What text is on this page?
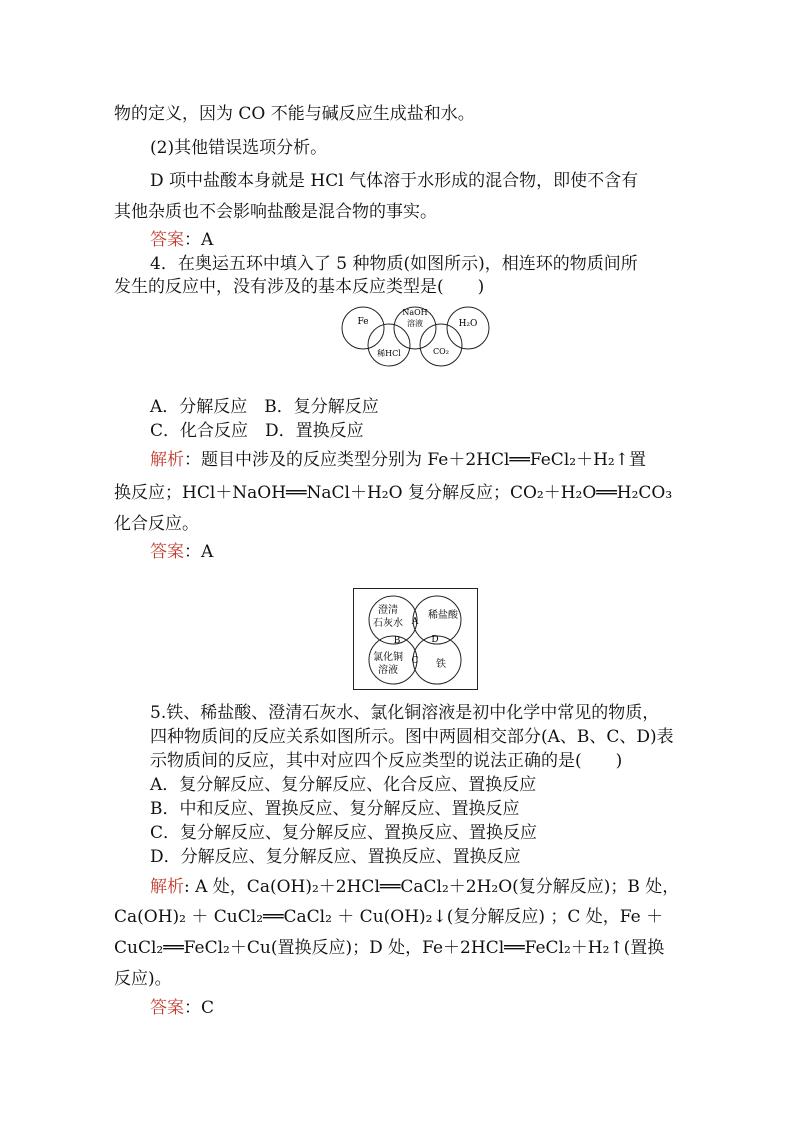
物的定义，因为 CO 不能与碱反应生成盐和水。
(2)其他错误选项分析。
D 项中盐酸本身就是 HCl 气体溶于水形成的混合物，即使不含有
其他杂质也不会影响盐酸是混合物的事实。
答案：A
4．在奥运五环中填入了 5 种物质(如图所示)，相连环的物质间所
发生的反应中，没有涉及的基本反应类型是(　　)
Fe
NaOH
溶液	H₂O
稀HCl	CO₂
A．分解反应　B．复分解反应
C．化合反应　D．置换反应
解析：题目中涉及的反应类型分别为 Fe＋2HCl══FeCl₂＋H₂↑置
换反应；HCl＋NaOH══NaCl＋H₂O 复分解反应；CO₂＋H₂O══H₂CO₃
化合反应。
答案：A
澄清
石灰水
稀盐酸
氯化铜
溶液
铁
A
B
C
D
5.铁、稀盐酸、澄清石灰水、氯化铜溶液是初中化学中常见的物质，
四种物质间的反应关系如图所示。图中两圆相交部分(A、B、C、D)表
示物质间的反应，其中对应四个反应类型的说法正确的是(　　)
A．复分解反应、复分解反应、化合反应、置换反应
B．中和反应、置换反应、复分解反应、置换反应
C．复分解反应、复分解反应、置换反应、置换反应
D．分解反应、复分解反应、置换反应、置换反应
解析: A 处，Ca(OH)₂＋2HCl══CaCl₂＋2H₂O(复分解反应)；B 处，
Ca(OH)₂ ＋ CuCl₂══CaCl₂ ＋ Cu(OH)₂↓(复分解反应) ；C 处，Fe ＋
CuCl₂══FeCl₂＋Cu(置换反应)；D 处，Fe＋2HCl══FeCl₂＋H₂↑(置换
反应)。
答案：C
